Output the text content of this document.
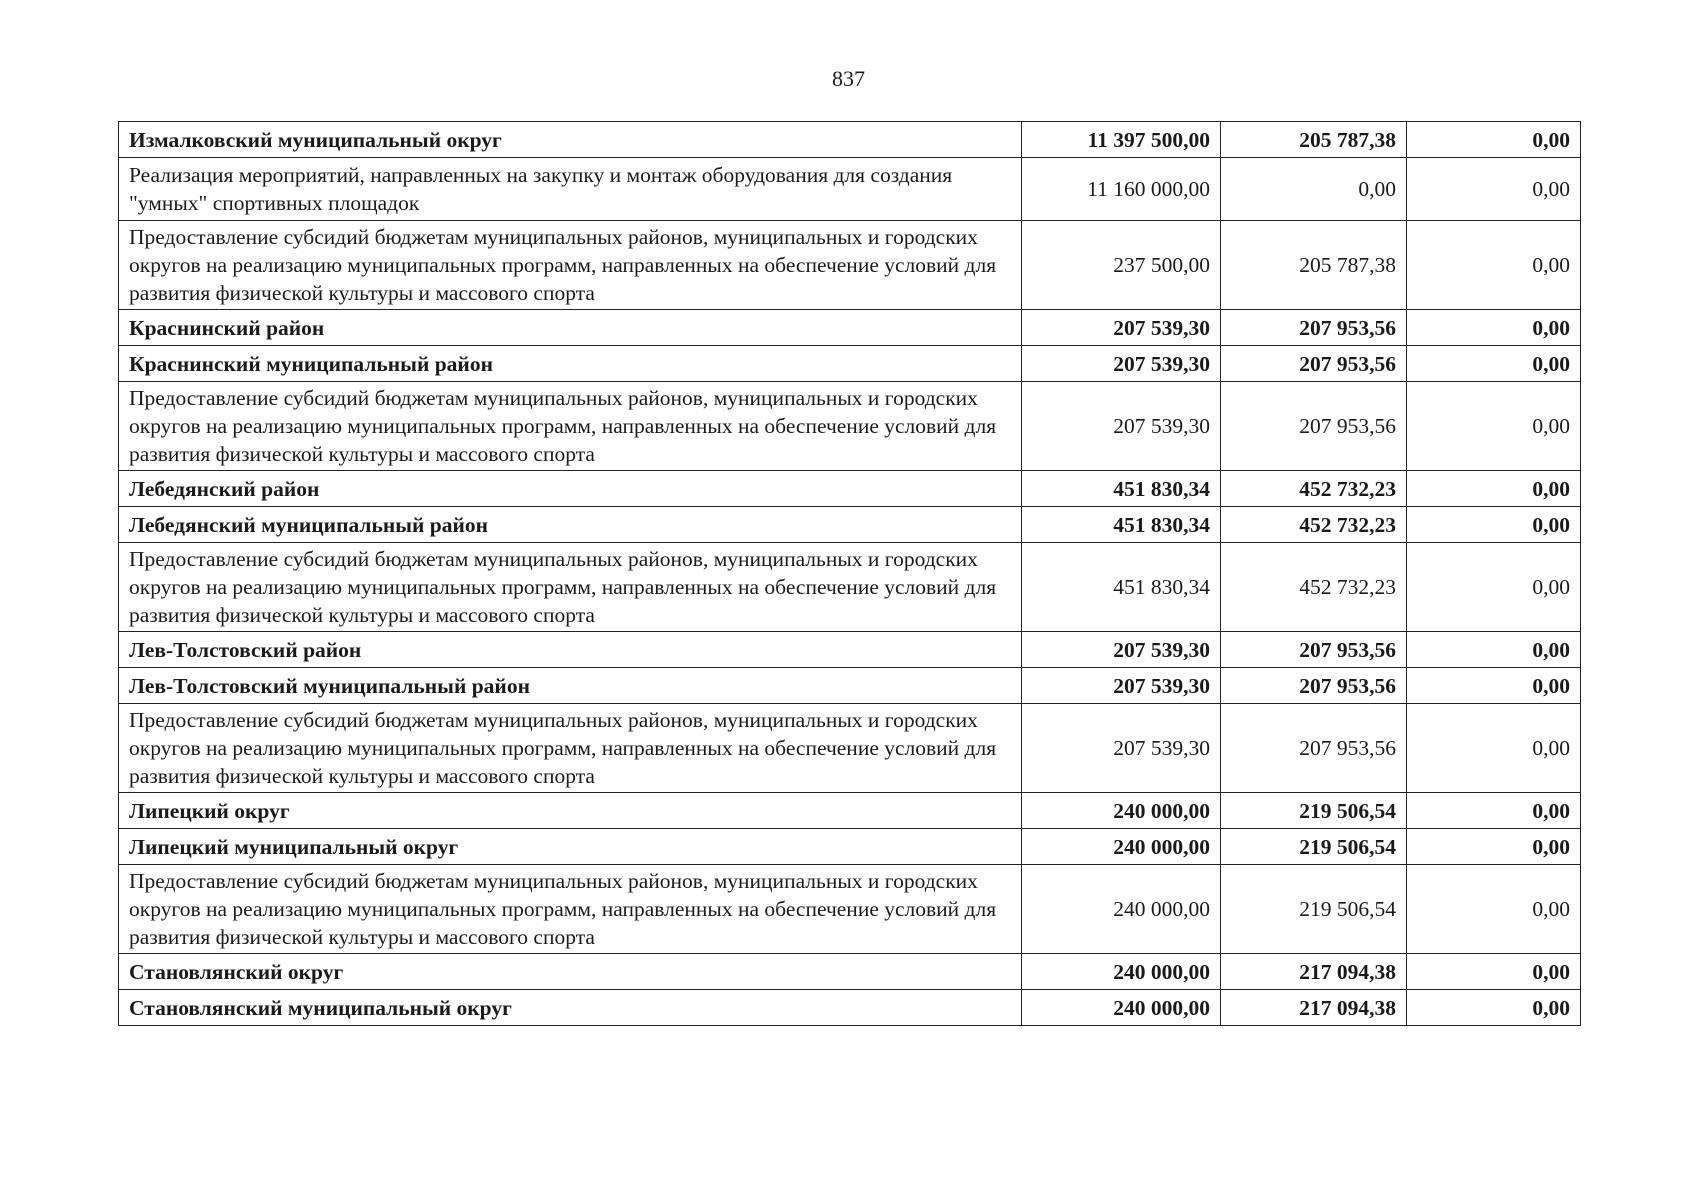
837
Измалковский муниципальный округ	11 397 500,00	205 787,38	0,00
Реализация мероприятий, направленных на закупку и монтаж оборудования для создания "умных" спортивных площадок	11 160 000,00	0,00	0,00
Предоставление субсидий бюджетам муниципальных районов, муниципальных и городских округов на реализацию муниципальных программ, направленных на обеспечение условий для развития физической культуры и массового спорта	237 500,00	205 787,38	0,00
Краснинский район	207 539,30	207 953,56	0,00
Краснинский муниципальный район	207 539,30	207 953,56	0,00
Предоставление субсидий бюджетам муниципальных районов, муниципальных и городских округов на реализацию муниципальных программ, направленных на обеспечение условий для развития физической культуры и массового спорта	207 539,30	207 953,56	0,00
Лебедянский район	451 830,34	452 732,23	0,00
Лебедянский муниципальный район	451 830,34	452 732,23	0,00
Предоставление субсидий бюджетам муниципальных районов, муниципальных и городских округов на реализацию муниципальных программ, направленных на обеспечение условий для развития физической культуры и массового спорта	451 830,34	452 732,23	0,00
Лев-Толстовский район	207 539,30	207 953,56	0,00
Лев-Толстовский муниципальный район	207 539,30	207 953,56	0,00
Предоставление субсидий бюджетам муниципальных районов, муниципальных и городских округов на реализацию муниципальных программ, направленных на обеспечение условий для развития физической культуры и массового спорта	207 539,30	207 953,56	0,00
Липецкий округ	240 000,00	219 506,54	0,00
Липецкий муниципальный округ	240 000,00	219 506,54	0,00
Предоставление субсидий бюджетам муниципальных районов, муниципальных и городских округов на реализацию муниципальных программ, направленных на обеспечение условий для развития физической культуры и массового спорта	240 000,00	219 506,54	0,00
Становлянский округ	240 000,00	217 094,38	0,00
Становлянский муниципальный округ	240 000,00	217 094,38	0,00
